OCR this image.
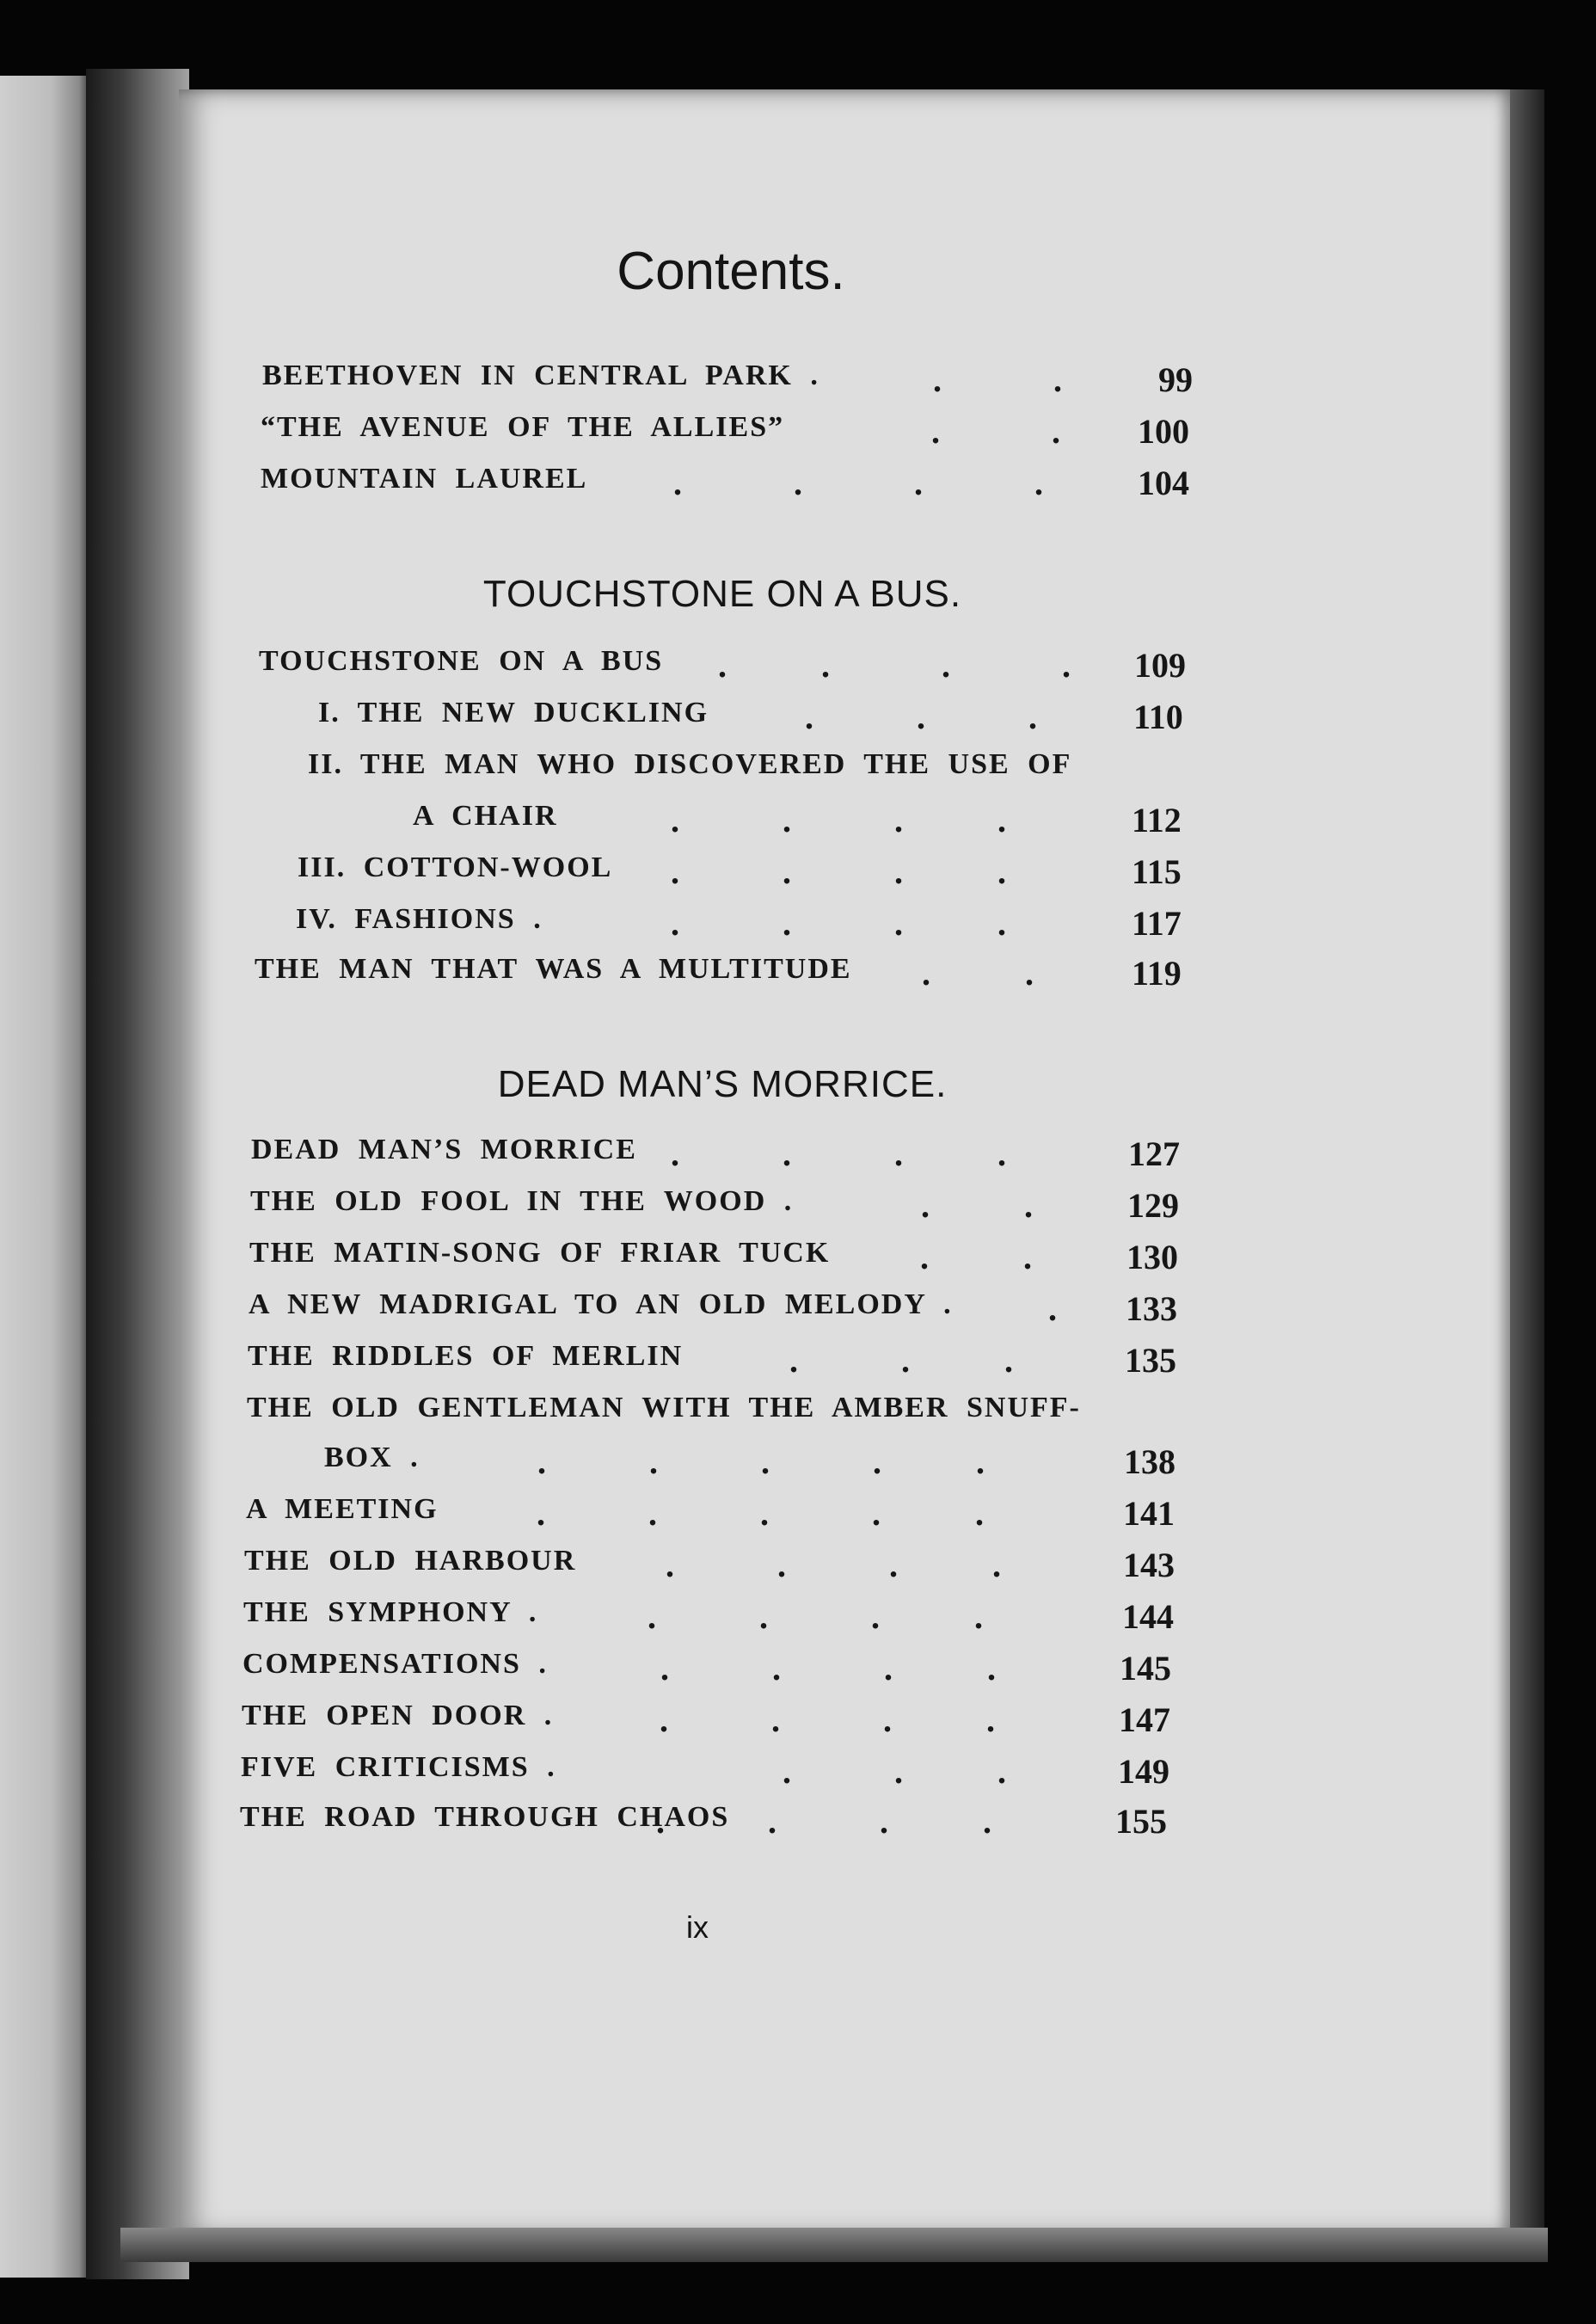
Contents.
BEETHOVEN IN CENTRAL PARK .	.             .	99
“THE AVENUE OF THE ALLIES”	.             . 100
MOUNTAIN LAUREL .             .             .             .	104
TOUCHSTONE ON A BUS.
TOUCHSTONE ON A BUS .           .             .             . 109
I. THE NEW DUCKLING	.            .            .	110
II. THE MAN WHO DISCOVERED THE USE OF
A CHAIR	.            .            .           .	112
III. COTTON-WOOL .            .            .           .	115
IV. FASHIONS .	.            .            .           .	117
THE MAN THAT WAS A MULTITUDE .           .	119
DEAD MAN’S MORRICE.
DEAD MAN’S MORRICE .            .            .           .	127
THE OLD FOOL IN THE WOOD .	.           .	129
THE MATIN-SONG OF FRIAR TUCK	.           .	130
A NEW MADRIGAL TO AN OLD MELODY .	. 133
THE RIDDLES OF MERLIN	.            .           .	135
THE OLD GENTLEMAN WITH THE AMBER SNUFF-
BOX .	.            .            .            .           .	138
A MEETING	.            .            .            .           .	141
THE OLD HARBOUR	.            .            .           .	143
THE SYMPHONY .	.            .            .           .	144
COMPENSATIONS .	.            .            .           .	145
THE OPEN DOOR .	.            .            .           .	147
FIVE CRITICISMS .	.            .           .	149
THE ROAD THROUGH CHAOS
.            .            .           .	155
ix
